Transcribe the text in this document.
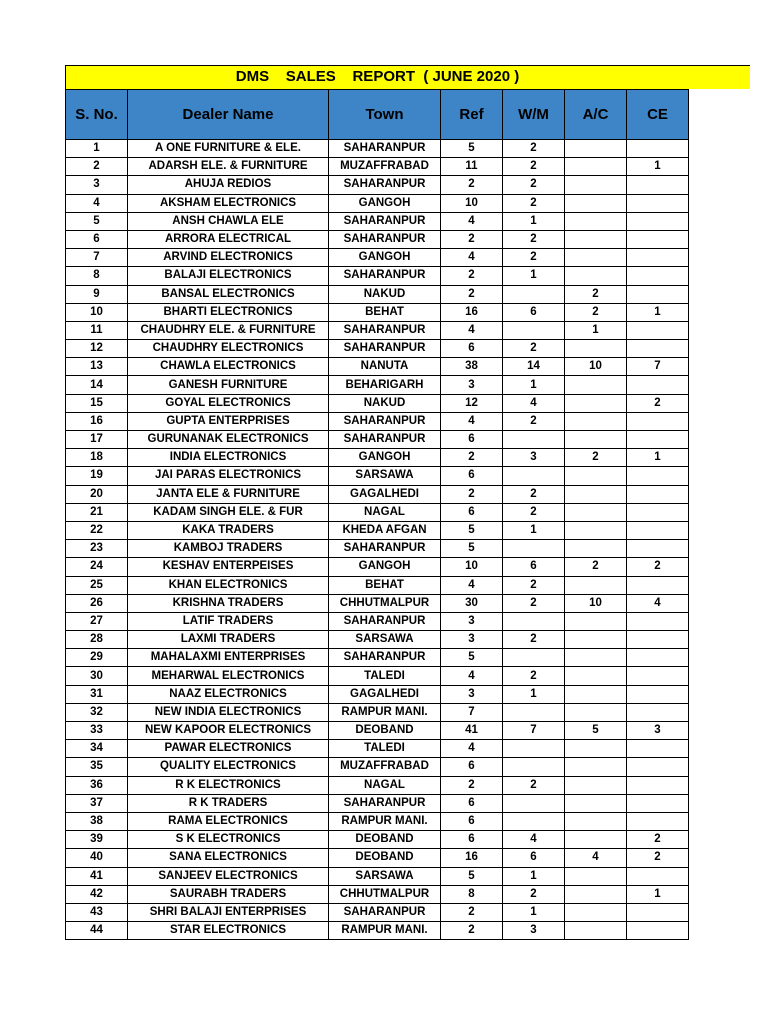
DMS    SALES    REPORT  ( JUNE 2020 )
S. No.	Dealer Name	Town	Ref	W/M	A/C	CE
1	A ONE FURNITURE & ELE.	SAHARANPUR	5	2		
2	ADARSH ELE. & FURNITURE	MUZAFFRABAD	11	2		1
3	AHUJA REDIOS	SAHARANPUR	2	2		
4	AKSHAM ELECTRONICS	GANGOH	10	2		
5	ANSH CHAWLA ELE	SAHARANPUR	4	1		
6	ARRORA ELECTRICAL	SAHARANPUR	2	2		
7	ARVIND ELECTRONICS	GANGOH	4	2		
8	BALAJI ELECTRONICS	SAHARANPUR	2	1		
9	BANSAL ELECTRONICS	NAKUD	2		2	
10	BHARTI ELECTRONICS	BEHAT	16	6	2	1
11	CHAUDHRY ELE. & FURNITURE	SAHARANPUR	4		1	
12	CHAUDHRY ELECTRONICS	SAHARANPUR	6	2		
13	CHAWLA ELECTRONICS	NANUTA	38	14	10	7
14	GANESH FURNITURE	BEHARIGARH	3	1		
15	GOYAL ELECTRONICS	NAKUD	12	4		2
16	GUPTA ENTERPRISES	SAHARANPUR	4	2		
17	GURUNANAK ELECTRONICS	SAHARANPUR	6			
18	INDIA ELECTRONICS	GANGOH	2	3	2	1
19	JAI PARAS ELECTRONICS	SARSAWA	6			
20	JANTA ELE & FURNITURE	GAGALHEDI	2	2		
21	KADAM SINGH ELE. & FUR	NAGAL	6	2		
22	KAKA TRADERS	KHEDA AFGAN	5	1		
23	KAMBOJ TRADERS	SAHARANPUR	5			
24	KESHAV ENTERPEISES	GANGOH	10	6	2	2
25	KHAN ELECTRONICS	BEHAT	4	2		
26	KRISHNA TRADERS	CHHUTMALPUR	30	2	10	4
27	LATIF TRADERS	SAHARANPUR	3			
28	LAXMI TRADERS	SARSAWA	3	2		
29	MAHALAXMI ENTERPRISES	SAHARANPUR	5			
30	MEHARWAL ELECTRONICS	TALEDI	4	2		
31	NAAZ ELECTRONICS	GAGALHEDI	3	1		
32	NEW INDIA ELECTRONICS	RAMPUR MANI.	7			
33	NEW KAPOOR ELECTRONICS	DEOBAND	41	7	5	3
34	PAWAR ELECTRONICS	TALEDI	4			
35	QUALITY ELECTRONICS	MUZAFFRABAD	6			
36	R K ELECTRONICS	NAGAL	2	2		
37	R K TRADERS	SAHARANPUR	6			
38	RAMA ELECTRONICS	RAMPUR MANI.	6			
39	S K ELECTRONICS	DEOBAND	6	4		2
40	SANA ELECTRONICS	DEOBAND	16	6	4	2
41	SANJEEV ELECTRONICS	SARSAWA	5	1		
42	SAURABH TRADERS	CHHUTMALPUR	8	2		1
43	SHRI BALAJI ENTERPRISES	SAHARANPUR	2	1		
44	STAR ELECTRONICS	RAMPUR MANI.	2	3		
